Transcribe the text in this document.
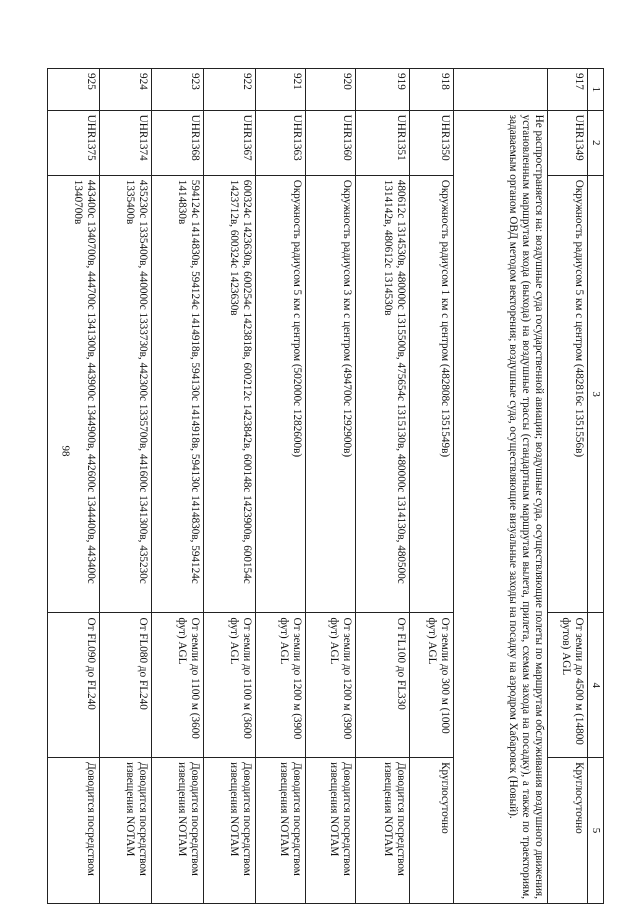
98
1	2	3	4	5
917	UHR1349	Окружность радиусом 5 км с центром (482816с 1351556в)	От земли до 4500 м (14800 футов) AGL	Круглосуточно
	Не распространяется на: воздушные суда государственной авиации; воздушные суда, осуществляющие полеты по маршрутам обслуживания воздушного движения, установленным маршрутам входа (выхода) на воздушные трассы (стандартным маршрутам вылета, прилета, схемам захода на посадку), а также по траекториям, задаваемым органом ОВД методом векторения; воздушные суда, осуществляющие визуальные заходы на посадку на аэродром Хабаровск (Новый).			
918	UHR1350	Окружность радиусом 1 км с центром (482808с 1351549в)	От земли до 300 м (1000 фут) AGL	Круглосуточно
919	UHR1351	480612с 1314530в, 480000с 1315500в, 475654с 1315130в, 480000с 1314130в, 480500с 1314142в, 480612с 1314530в	От FL100 до FL330	Доводится посредством извещения NOTAM
920	UHR1360	Окружность радиусом 3 км с центром (494700с 1292900в)	От земли до 1200 м (3900 фут) AGL	Доводится посредством извещения NOTAM
921	UHR1363	Окружность радиусом 5 км с центром (502000с 1282600в)	От земли до 1200 м (3900 фут) AGL	Доводится посредством извещения NOTAM
922	UHR1367	600324с 1423630в, 600254с 1423818в, 600212с 1423842в, 600148с 1423900в, 600154с 1423712в, 600324с 1423630в	От земли до 1100 м (3600 фут) AGL	Доводится посредством извещения NOTAM
923	UHR1368	594124с 1414830в, 594124с 1414918в, 594130с 1414918в, 594130с 1414830в, 594124с 1414830в	От земли до 1100 м (3600 фут) AGL	Доводится посредством извещения NOTAM
924	UHR1374	435230с 1335400в, 440000с 1333730в, 442300с 1335700в, 441600с 1341300в, 435230с 1335400в	От FL080 до FL240	Доводится посредством извещения NOTAM
925	UHR1375	443400с 1340700в, 444700с 1341300в, 443900с 1344900в, 442600с 1344400в, 443400с 1340700в	От FL090 до FL240	Доводится посредством
